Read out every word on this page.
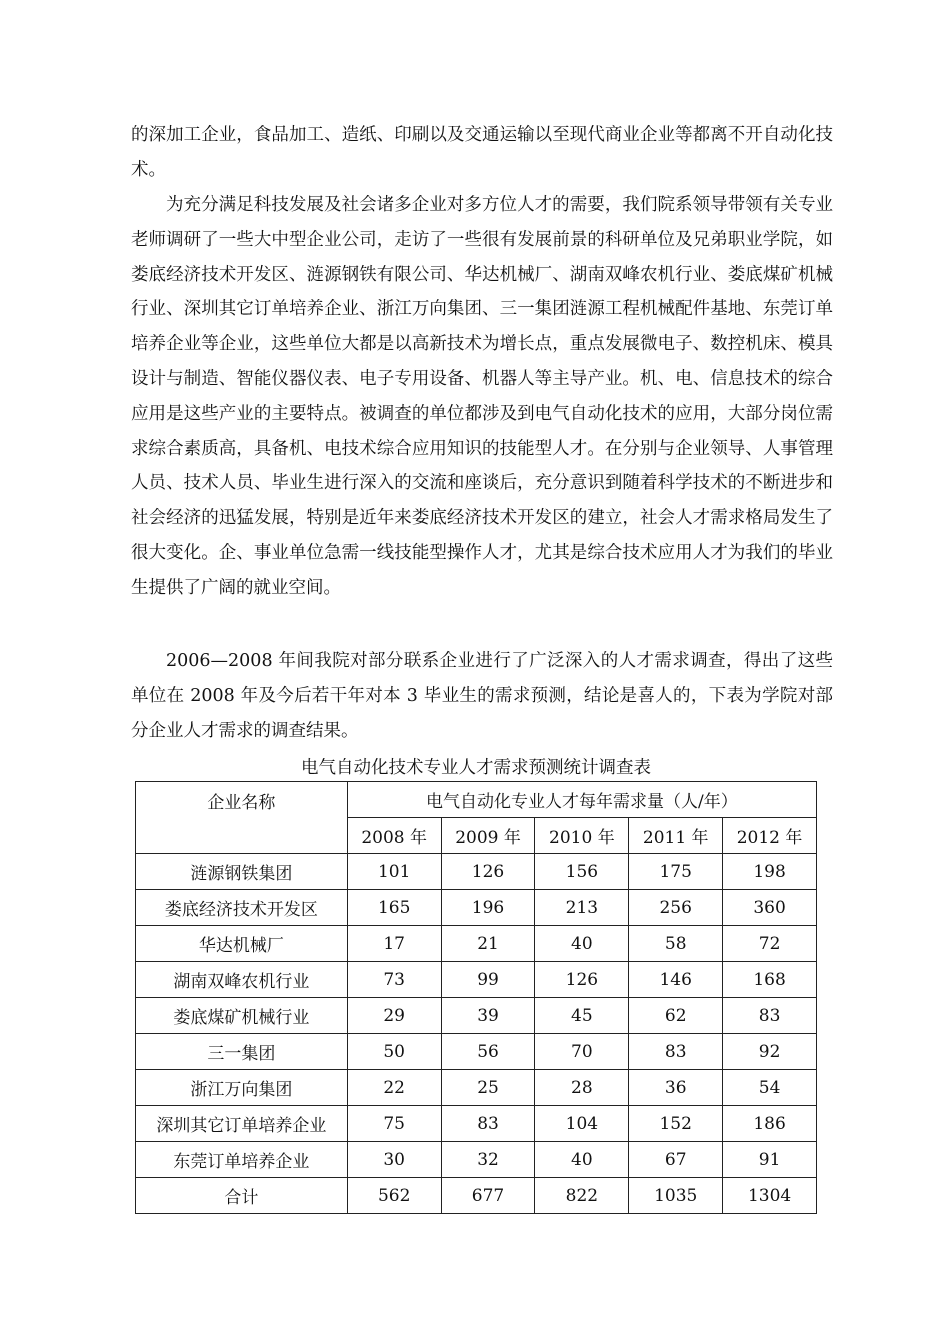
的深加工企业，食品加工、造纸、印刷以及交通运输以至现代商业企业等都离不开自动化技术。

为充分满足科技发展及社会诸多企业对多方位人才的需要，我们院系领导带领有关专业老师调研了一些大中型企业公司，走访了一些很有发展前景的科研单位及兄弟职业学院，如娄底经济技术开发区、涟源钢铁有限公司、华达机械厂、湖南双峰农机行业、娄底煤矿机械行业、深圳其它订单培养企业、浙江万向集团、三一集团涟源工程机械配件基地、东莞订单培养企业等企业，这些单位大都是以高新技术为增长点，重点发展微电子、数控机床、模具设计与制造、智能仪器仪表、电子专用设备、机器人等主导产业。机、电、信息技术的综合应用是这些产业的主要特点。被调查的单位都涉及到电气自动化技术的应用，大部分岗位需求综合素质高，具备机、电技术综合应用知识的技能型人才。在分别与企业领导、人事管理人员、技术人员、毕业生进行深入的交流和座谈后，充分意识到随着科学技术的不断进步和社会经济的迅猛发展，特别是近年来娄底经济技术开发区的建立，社会人才需求格局发生了很大变化。企、事业单位急需一线技能型操作人才，尤其是综合技术应用人才为我们的毕业生提供了广阔的就业空间。

2006—2008 年间我院对部分联系企业进行了广泛深入的人才需求调查，得出了这些单位在 2008 年及今后若干年对本 3 毕业生的需求预测，结论是喜人的，下表为学院对部分企业人才需求的调查结果。

电气自动化技术专业人才需求预测统计调查表
企业名称	电气自动化专业人才每年需求量（人/年）				
	2008 年	2009 年	2010 年	2011 年	2012 年
涟源钢铁集团	101	126	156	175	198
娄底经济技术开发区	165	196	213	256	360
华达机械厂	17	21	40	58	72
湖南双峰农机行业	73	99	126	146	168
娄底煤矿机械行业	29	39	45	62	83
三一集团	50	56	70	83	92
浙江万向集团	22	25	28	36	54
深圳其它订单培养企业	75	83	104	152	186
东莞订单培养企业	30	32	40	67	91
合计	562	677	822	1035	1304
